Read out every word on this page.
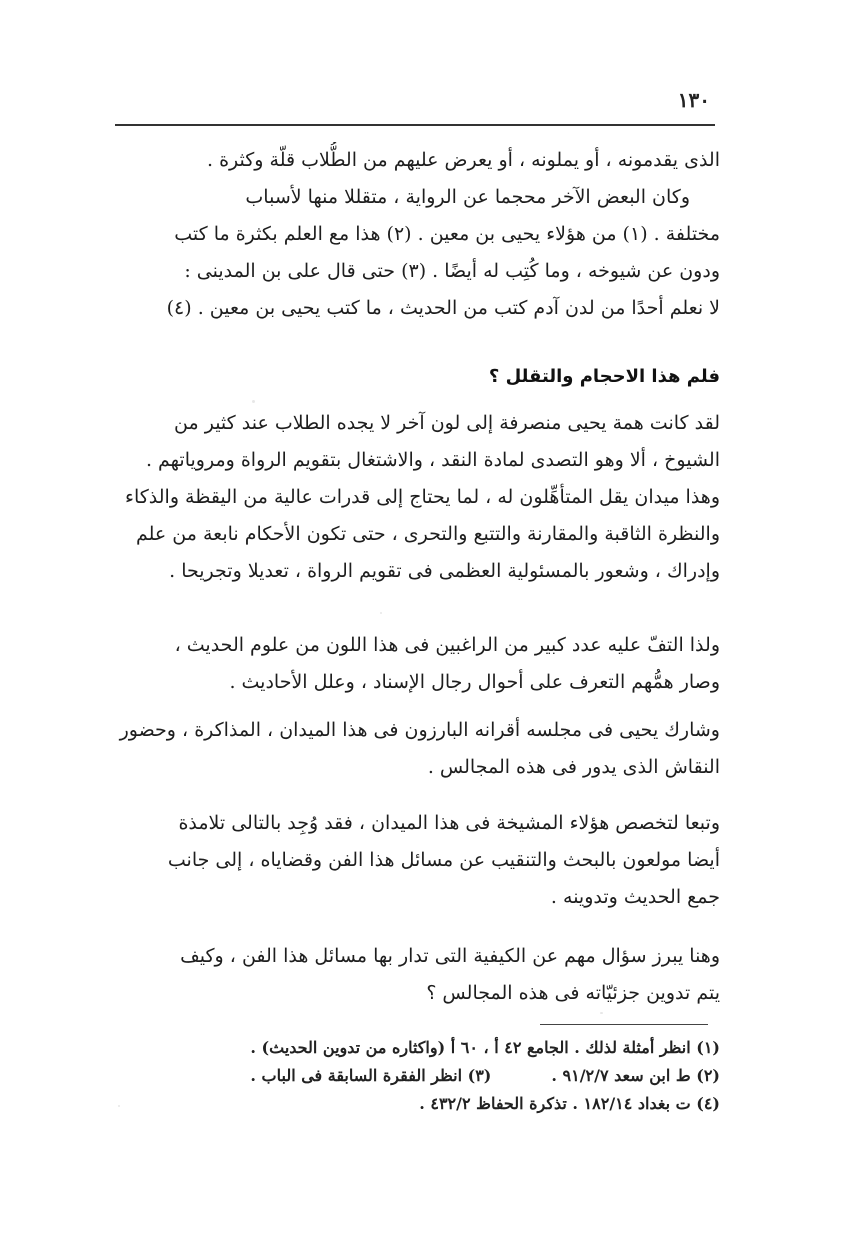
١٣٠
الذى يقدمونه ، أو يملونه ، أو يعرض عليهم من الطُّلاب قلّة وكثرة .
وكان البعض الآخر محجما عن الرواية ، متقللا منها لأسباب
مختلفة . (١) من هؤلاء يحيى بن معين . (٢) هذا مع العلم بكثرة ما كتب
ودون عن شيوخه ، وما كُتِب له أيضًا . (٣) حتى قال على بن المدينى :
لا نعلم أحدًا من لدن آدم كتب من الحديث ، ما كتب يحيى بن معين . (٤)
فلم هذا الاحجام والتقلل ؟
لقد كانت همة يحيى منصرفة إلى لون آخر لا يجده الطلاب عند كثير من
الشيوخ ، ألا وهو التصدى لمادة النقد ، والاشتغال بتقويم الرواة ومروياتهم .
وهذا ميدان يقل المتأهِّلون له ، لما يحتاج إلى قدرات عالية من اليقظة والذكاء
والنظرة الثاقبة والمقارنة والتتبع والتحرى ، حتى تكون الأحكام نابعة من علم
وإدراك ، وشعور بالمسئولية العظمى فى تقويم الرواة ، تعديلا وتجريحا .
ولذا التفّ عليه عدد كبير من الراغبين فى هذا اللون من علوم الحديث ،
وصار همُّهم التعرف على أحوال رجال الإسناد ، وعلل الأحاديث .
وشارك يحيى فى مجلسه أقرانه البارزون فى هذا الميدان ، المذاكرة ، وحضور
النقاش الذى يدور فى هذه المجالس .
وتبعا لتخصص هؤلاء المشيخة فى هذا الميدان ، فقد وُجِد بالتالى تلامذة
أيضا مولعون بالبحث والتنقيب عن مسائل هذا الفن وقضاياه ، إلى جانب
جمع الحديث وتدوينه .
وهنا يبرز سؤال مهم عن الكيفية التى تدار بها مسائل هذا الفن ، وكيف
يتم تدوين جزئيّاته فى هذه المجالس ؟
(١) انظر أمثلة لذلك . الجامع ٤٢ أ ، ٦٠ أ (واكثاره من تدوين الحديث) .
(٢) ط ابن سعد ٩١/٢/٧ .
(٣) انظر الفقرة السابقة فى الباب .
(٤) ت بغداد ١٨٢/١٤ . تذكرة الحفاظ ٤٣٢/٢ .
